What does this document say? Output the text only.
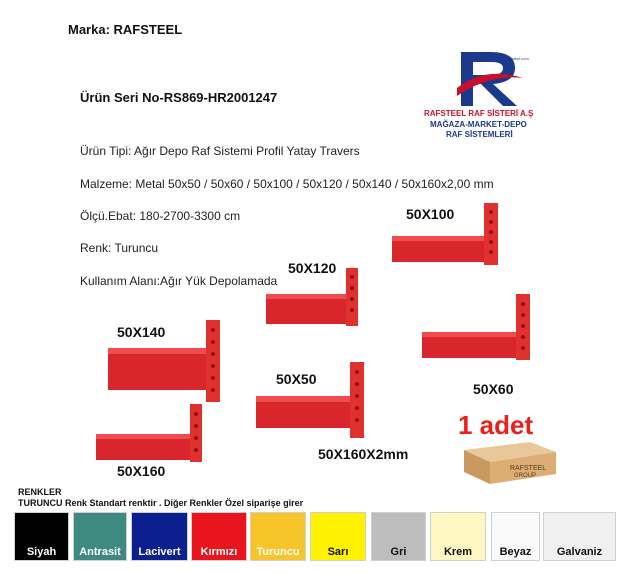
Marka: RAFSTEEL
Ürün Seri No-RS869-HR2001247
Ürün Tipi: Ağır Depo Raf Sistemi Profil Yatay Travers
Malzeme: Metal 50x50 / 50x60 / 50x100 / 50x120 / 50x140 / 50x160x2,00 mm
Ölçü.Ebat: 180-2700-3300 cm
Renk: Turuncu
Kullanım Alanı:Ağır Yük Depolamada
rafsteel.com
RAFSTEEL RAF SİSTERİ A.Ş
MAĞAZA-MARKET-DEPO
RAF SİSTEMLERİ
50X100
50X120
50X140
50X60
50X50
50X160
50X160X2mm
1 adet
RAFSTEEL
GROUP
RENKLER
TURUNCU Renk Standart renktir . Diğer Renkler Özel siparişe girer
Siyah	Antrasit	Lacivert	Kırmızı	Turuncu	Sarı	Gri	Krem	Beyaz	Galvaniz
